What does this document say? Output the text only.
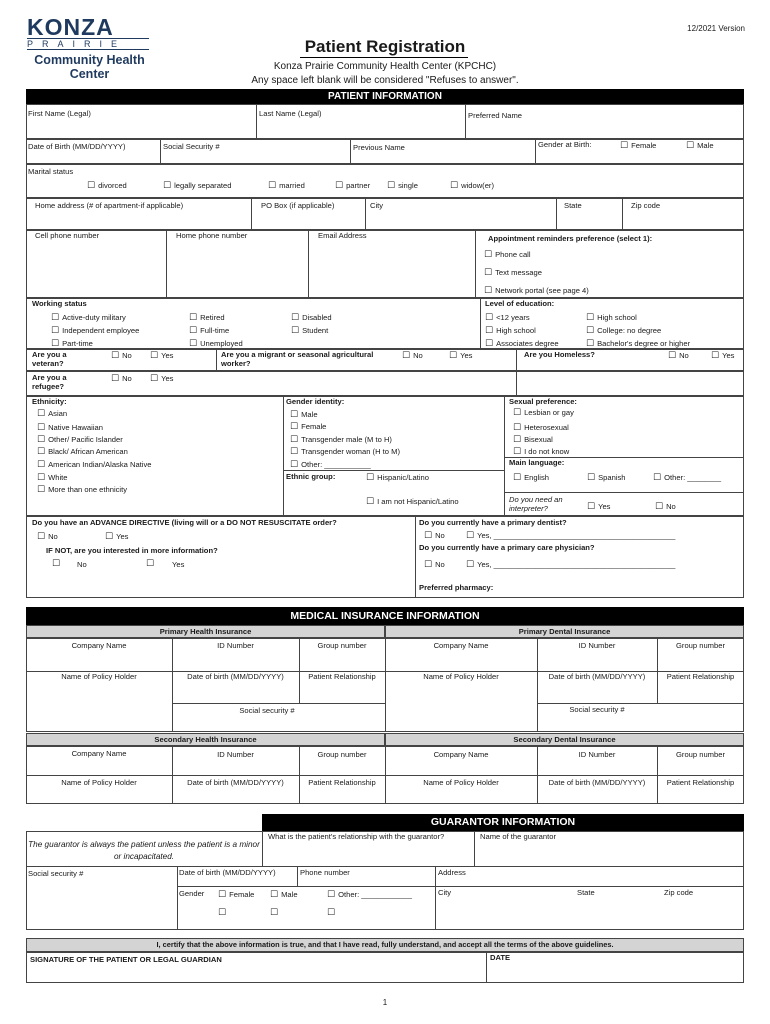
KONZA
PRAIRIE
Community Health
Center
12/2021 Version
Patient Registration
Konza Prairie Community Health Center (KPCHC)
Any space left blank will be considered "Refuses to answer".
PATIENT INFORMATION
First Name (Legal)	Last Name (Legal)	Preferred Name
Date of Birth (MM/DD/YYYY)	Social Security #	Previous Name	Gender at Birth:	☐ Female	☐ Male
Marital status
☐ divorced	☐ legally separated	☐ married	☐ partner	☐ single	☐ widow(er)
Home address (# of apartment-if applicable)	PO Box (if applicable)	City	State	Zip code
Cell phone number	Home phone number	Email Address	Appointment reminders preference (select 1):
☐ Phone call
☐ Text message
☐ Network portal (see page 4)
Working status
☐ Active-duty military
☐ Independent employee
☐ Part-time
☐ Retired
☐ Full-time
☐ Unemployed
☐ Disabled
☐ Student
Level of education:
☐ <12 years
☐ High school
☐ Associates degree
☐ High school
☐ College: no degree
☐ Bachelor's degree or higher
Are you a veteran?
☐ No	☐ Yes	Are you a migrant or seasonal agricultural worker?
☐ No	☐ Yes	Are you Homeless?	☐ No	☐ Yes
Are you a refugee?
☐ No	☐ Yes
Ethnicity:
☐ Asian
☐ Native Hawaiian
☐ Other/ Pacific Islander
☐ Black/ African American
☐ American Indian/Alaska Native
☐ White
☐ More than one ethnicity
Gender identity:
☐ Male
☐ Female
☐ Transgender male (M to H)
☐ Transgender woman (H to M)
☐ Other: ___________
Ethnic group:	☐ Hispanic/Latino
☐ I am not Hispanic/Latino
Sexual preference:
☐ Lesbian or gay
☐ Heterosexual
☐ Bisexual
☐ I do not know
Main language:
☐ English	☐ Spanish	☐ Other: ________
Do you need an interpreter?	☐ Yes	☐ No
Do you have an ADVANCE DIRECTIVE (living will or a DO NOT RESUSCITATE order?
☐ No	☐ Yes
IF NOT, are you interested in more information?
☐ No	☐ Yes
Do you currently have a primary dentist?
☐ No	☐ Yes, ___________________________________________
Do you currently have a primary care physician?
☐ No	☐ Yes, ___________________________________________
Preferred pharmacy:
MEDICAL INSURANCE INFORMATION
Primary Health Insurance	Primary Dental Insurance
Company Name	ID Number	Group number	Company Name	ID Number	Group number
Name of Policy Holder	Date of birth (MM/DD/YYYY)	Patient Relationship	Name of Policy Holder	Date of birth (MM/DD/YYYY)	Patient Relationship
Social security #	Social security #
Secondary Health Insurance	Secondary Dental Insurance
Company Name	ID Number	Group number	Company Name	ID Number	Group number
Name of Policy Holder	Date of birth (MM/DD/YYYY)	Patient Relationship	Name of Policy Holder	Date of birth (MM/DD/YYYY)	Patient Relationship
GUARANTOR INFORMATION
The guarantor is always the patient unless the patient is a minor or incapacitated.
What is the patient's relationship with the guarantor?	Name of the guarantor
Social security #	Date of birth (MM/DD/YYYY)	Phone number	Address
Gender	☐ Female	☐ Male	☐ Other: ____________
☐	☐	☐
City	State	Zip code
I, certify that the above information is true, and that I have read, fully understand, and accept all the terms of the above guidelines.
SIGNATURE OF THE PATIENT OR LEGAL GUARDIAN	DATE
1
